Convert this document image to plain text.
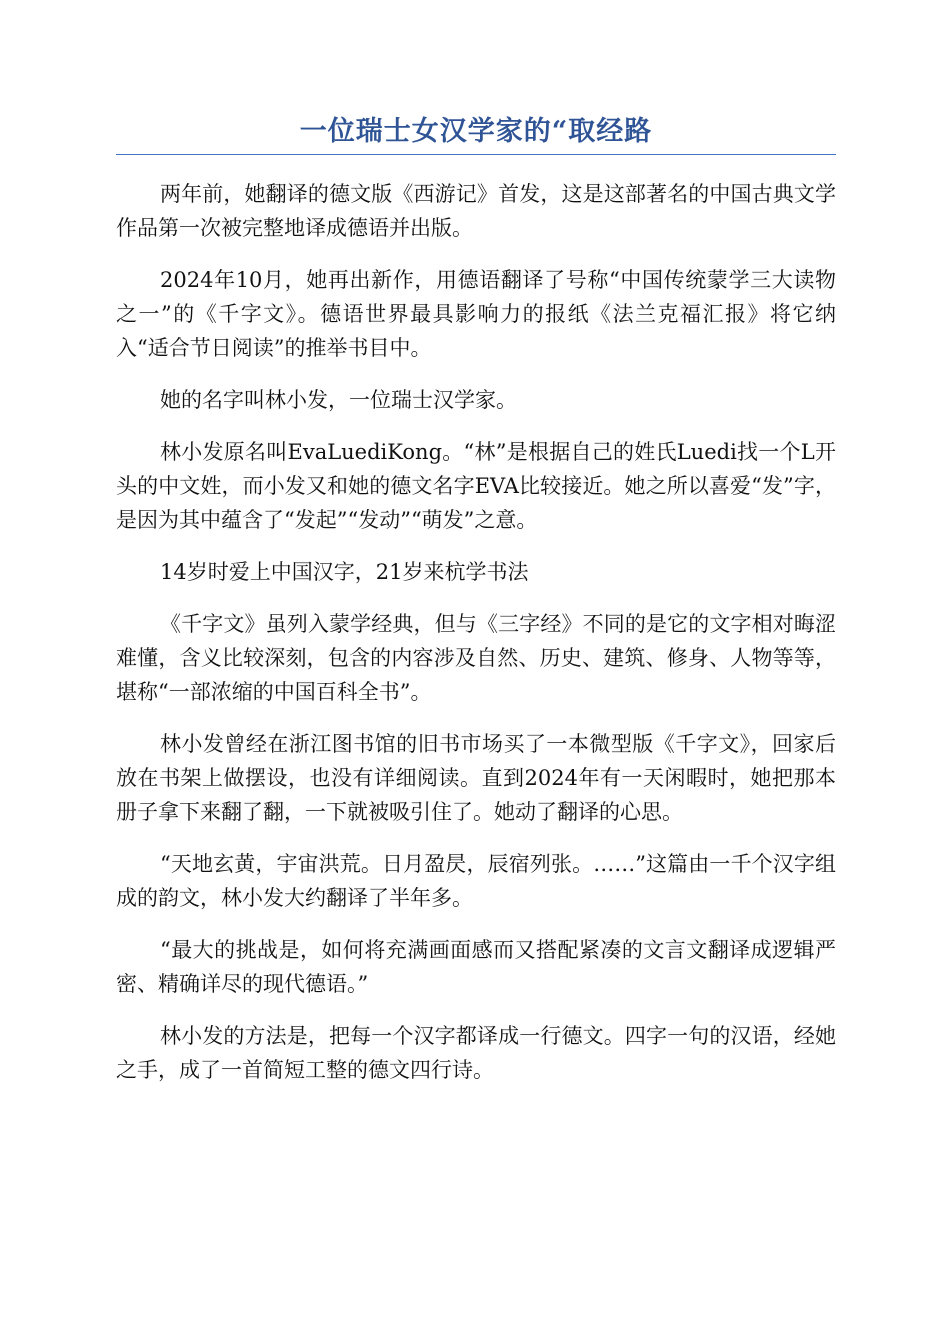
一位瑞士女汉学家的“取经路

两年前，她翻译的德文版《西游记》首发，这是这部著名的中国古典文学作品第一次被完整地译成德语并出版。

2024年10月，她再出新作，用德语翻译了号称“中国传统蒙学三大读物之一”的《千字文》。德语世界最具影响力的报纸《法兰克福汇报》将它纳入“适合节日阅读”的推举书目中。

她的名字叫林小发，一位瑞士汉学家。

林小发原名叫EvaLuediKong。“林”是根据自己的姓氏Luedi找一个L开头的中文姓，而小发又和她的德文名字EVA比较接近。她之所以喜爱“发”字，是因为其中蕴含了“发起”“发动”“萌发”之意。

14岁时爱上中国汉字，21岁来杭学书法

《千字文》虽列入蒙学经典，但与《三字经》不同的是它的文字相对晦涩难懂，含义比较深刻，包含的内容涉及自然、历史、建筑、修身、人物等等，堪称“一部浓缩的中国百科全书”。

林小发曾经在浙江图书馆的旧书市场买了一本微型版《千字文》，回家后放在书架上做摆设，也没有详细阅读。直到2024年有一天闲暇时，她把那本册子拿下来翻了翻，一下就被吸引住了。她动了翻译的心思。

“天地玄黄，宇宙洪荒。日月盈昃，辰宿列张。……”这篇由一千个汉字组成的韵文，林小发大约翻译了半年多。

“最大的挑战是，如何将充满画面感而又搭配紧凑的文言文翻译成逻辑严密、精确详尽的现代德语。”

林小发的方法是，把每一个汉字都译成一行德文。四字一句的汉语，经她之手，成了一首简短工整的德文四行诗。
